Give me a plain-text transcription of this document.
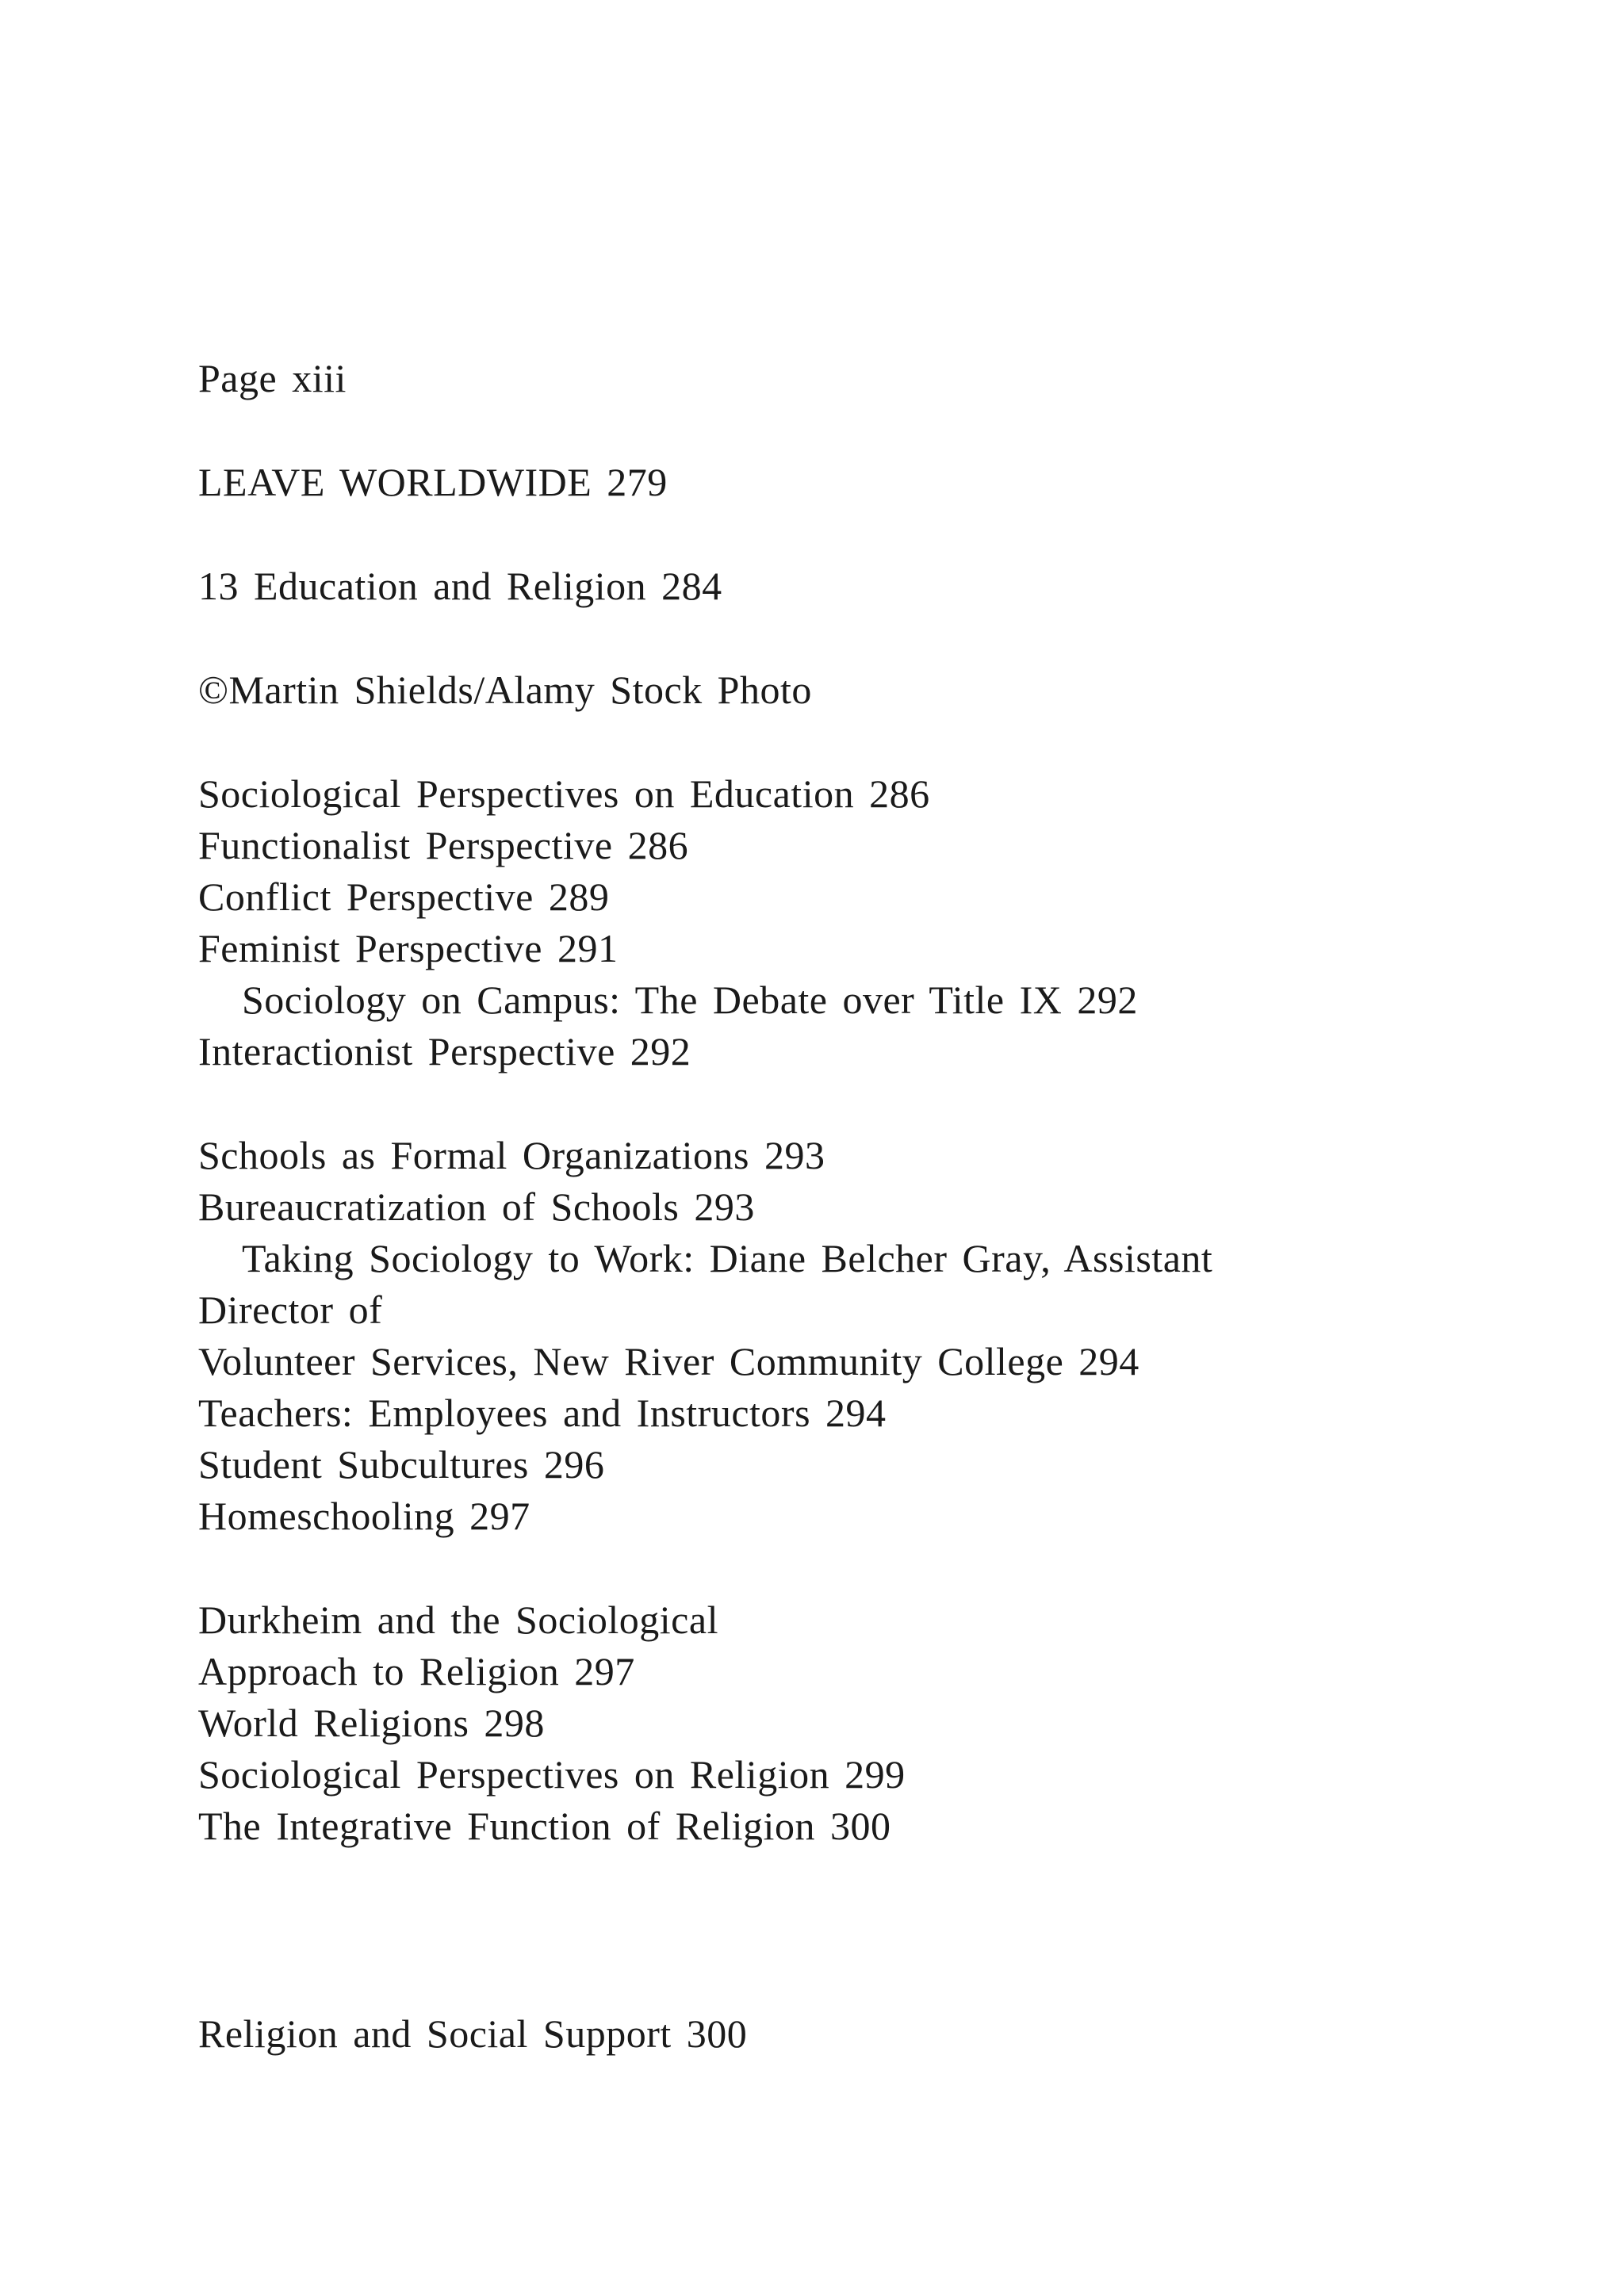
Page xiii
LEAVE WORLDWIDE 279
13 Education and Religion 284
©Martin Shields/Alamy Stock Photo
Sociological Perspectives on Education 286
Functionalist Perspective 286
Conflict Perspective 289
Feminist Perspective 291
Sociology on Campus: The Debate over Title IX 292
Interactionist Perspective 292
Schools as Formal Organizations 293
Bureaucratization of Schools 293
Taking Sociology to Work: Diane Belcher Gray, Assistant
Director of
Volunteer Services, New River Community College 294
Teachers: Employees and Instructors 294
Student Subcultures 296
Homeschooling 297
Durkheim and the Sociological
Approach to Religion 297
World Religions 298
Sociological Perspectives on Religion 299
The Integrative Function of Religion 300
Religion and Social Support 300
